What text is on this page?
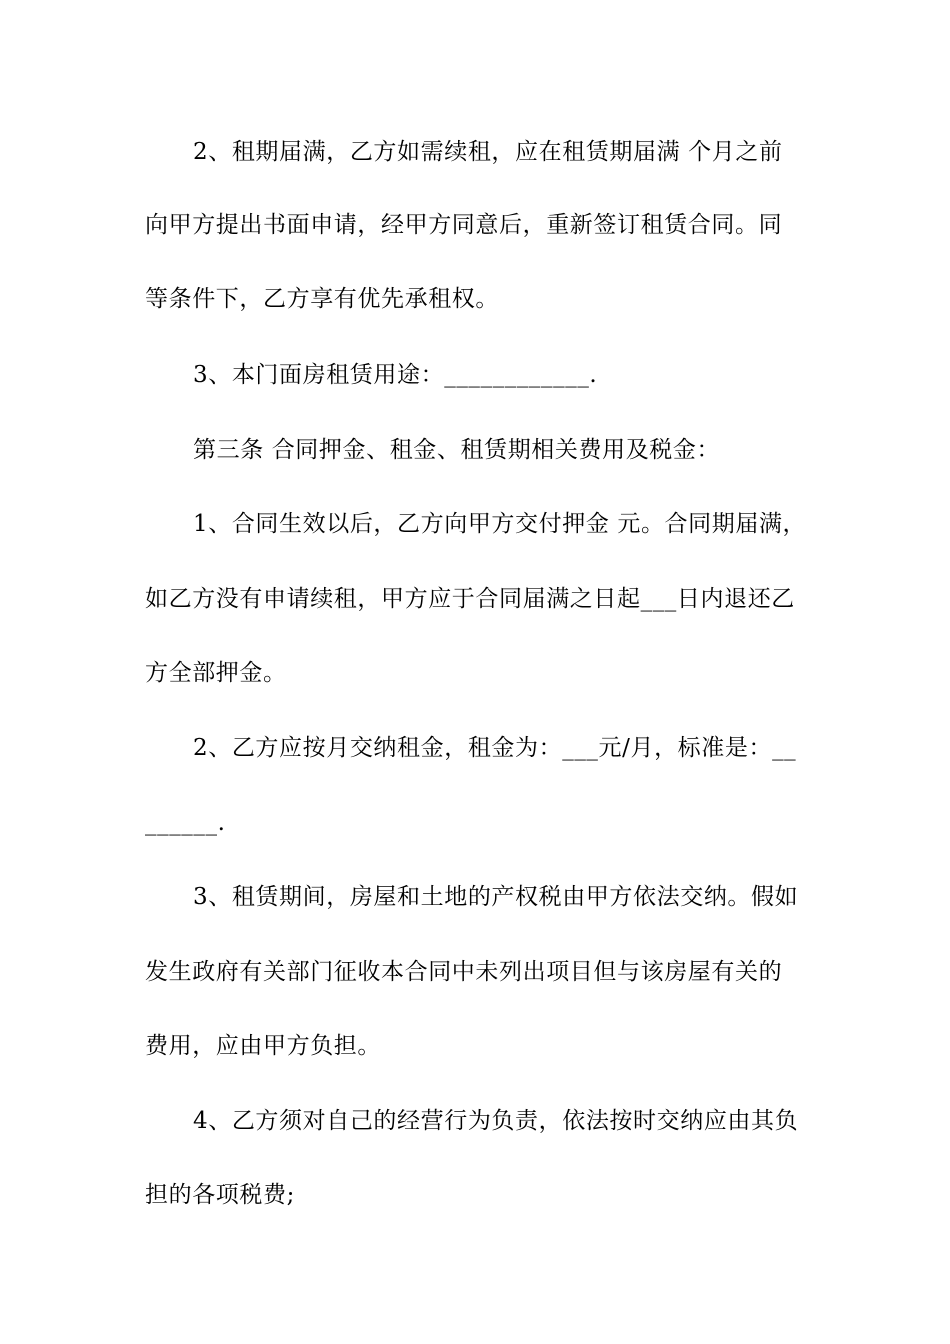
2、租期届满，乙方如需续租，应在租赁期届满 个月之前
向甲方提出书面申请，经甲方同意后，重新签订租赁合同。同
等条件下，乙方享有优先承租权。
3、本门面房租赁用途：____________.
第三条 合同押金、租金、租赁期相关费用及税金：
1、合同生效以后，乙方向甲方交付押金 元。合同期届满，
如乙方没有申请续租，甲方应于合同届满之日起___日内退还乙
方全部押金。
2、乙方应按月交纳租金，租金为：___元/月，标准是：__
______.
3、租赁期间，房屋和土地的产权税由甲方依法交纳。假如
发生政府有关部门征收本合同中未列出项目但与该房屋有关的
费用，应由甲方负担。
4、乙方须对自己的经营行为负责，依法按时交纳应由其负
担的各项税费;
